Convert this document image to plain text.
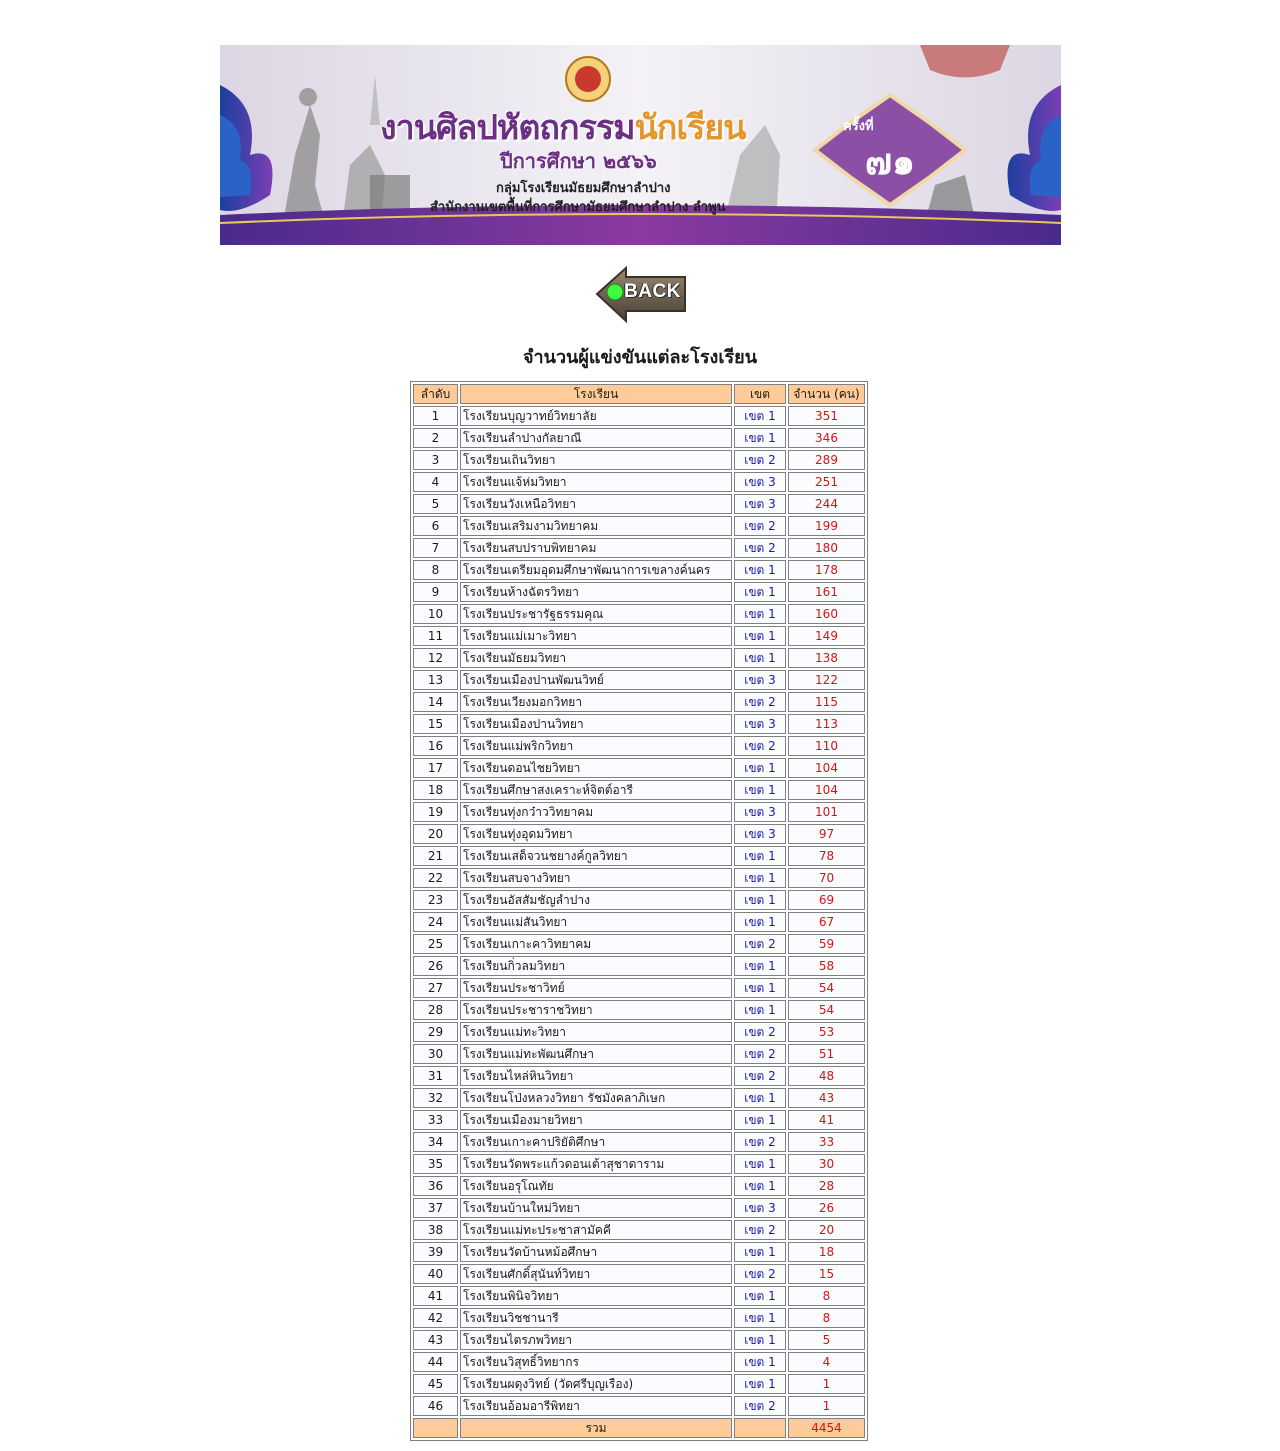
งานศิลปหัตถกรรมนักเรียน
ปีการศึกษา ๒๕๖๖
กลุ่มโรงเรียนมัธยมศึกษาลำปาง
สำนักงานเขตพื้นที่การศึกษามัธยมศึกษาลำปาง ลำพูน
ครั้งที่
๗๑
BACK
จำนวนผู้แข่งขันแต่ละโรงเรียน
ลำดับ	โรงเรียน	เขต	จำนวน (คน)
1	โรงเรียนบุญวาทย์วิทยาลัย	เขต 1	351
2	โรงเรียนลำปางกัลยาณี	เขต 1	346
3	โรงเรียนเถินวิทยา	เขต 2	289
4	โรงเรียนแจ้ห่มวิทยา	เขต 3	251
5	โรงเรียนวังเหนือวิทยา	เขต 3	244
6	โรงเรียนเสริมงามวิทยาคม	เขต 2	199
7	โรงเรียนสบปราบพิทยาคม	เขต 2	180
8	โรงเรียนเตรียมอุดมศึกษาพัฒนาการเขลางค์นคร	เขต 1	178
9	โรงเรียนห้างฉัตรวิทยา	เขต 1	161
10	โรงเรียนประชารัฐธรรมคุณ	เขต 1	160
11	โรงเรียนแม่เมาะวิทยา	เขต 1	149
12	โรงเรียนมัธยมวิทยา	เขต 1	138
13	โรงเรียนเมืองปานพัฒนวิทย์	เขต 3	122
14	โรงเรียนเวียงมอกวิทยา	เขต 2	115
15	โรงเรียนเมืองปานวิทยา	เขต 3	113
16	โรงเรียนแม่พริกวิทยา	เขต 2	110
17	โรงเรียนดอนไชยวิทยา	เขต 1	104
18	โรงเรียนศึกษาสงเคราะห์จิตต์อารี	เขต 1	104
19	โรงเรียนทุ่งกว๋าววิทยาคม	เขต 3	101
20	โรงเรียนทุ่งอุดมวิทยา	เขต 3	97
21	โรงเรียนเสด็จวนชยางค์กูลวิทยา	เขต 1	78
22	โรงเรียนสบจางวิทยา	เขต 1	70
23	โรงเรียนอัสสัมชัญลำปาง	เขต 1	69
24	โรงเรียนแม่สันวิทยา	เขต 1	67
25	โรงเรียนเกาะคาวิทยาคม	เขต 2	59
26	โรงเรียนกิ่วลมวิทยา	เขต 1	58
27	โรงเรียนประชาวิทย์	เขต 1	54
28	โรงเรียนประชาราชวิทยา	เขต 1	54
29	โรงเรียนแม่ทะวิทยา	เขต 2	53
30	โรงเรียนแม่ทะพัฒนศึกษา	เขต 2	51
31	โรงเรียนไหล่หินวิทยา	เขต 2	48
32	โรงเรียนโป่งหลวงวิทยา รัชมังคลาภิเษก	เขต 1	43
33	โรงเรียนเมืองมายวิทยา	เขต 1	41
34	โรงเรียนเกาะคาปริยัติศึกษา	เขต 2	33
35	โรงเรียนวัดพระแก้วดอนเต้าสุชาดาราม	เขต 1	30
36	โรงเรียนอรุโณทัย	เขต 1	28
37	โรงเรียนบ้านใหม่วิทยา	เขต 3	26
38	โรงเรียนแม่ทะประชาสามัคคี	เขต 2	20
39	โรงเรียนวัดบ้านหม้อศึกษา	เขต 1	18
40	โรงเรียนศักดิ์สุนันท์วิทยา	เขต 2	15
41	โรงเรียนพินิจวิทยา	เขต 1	8
42	โรงเรียนวิชชานารี	เขต 1	8
43	โรงเรียนไตรภพวิทยา	เขต 1	5
44	โรงเรียนวิสุทธิ์วิทยากร	เขต 1	4
45	โรงเรียนผดุงวิทย์ (วัดศรีบุญเรือง)	เขต 1	1
46	โรงเรียนอ้อมอารีพิทยา	เขต 2	1
	รวม		4454
